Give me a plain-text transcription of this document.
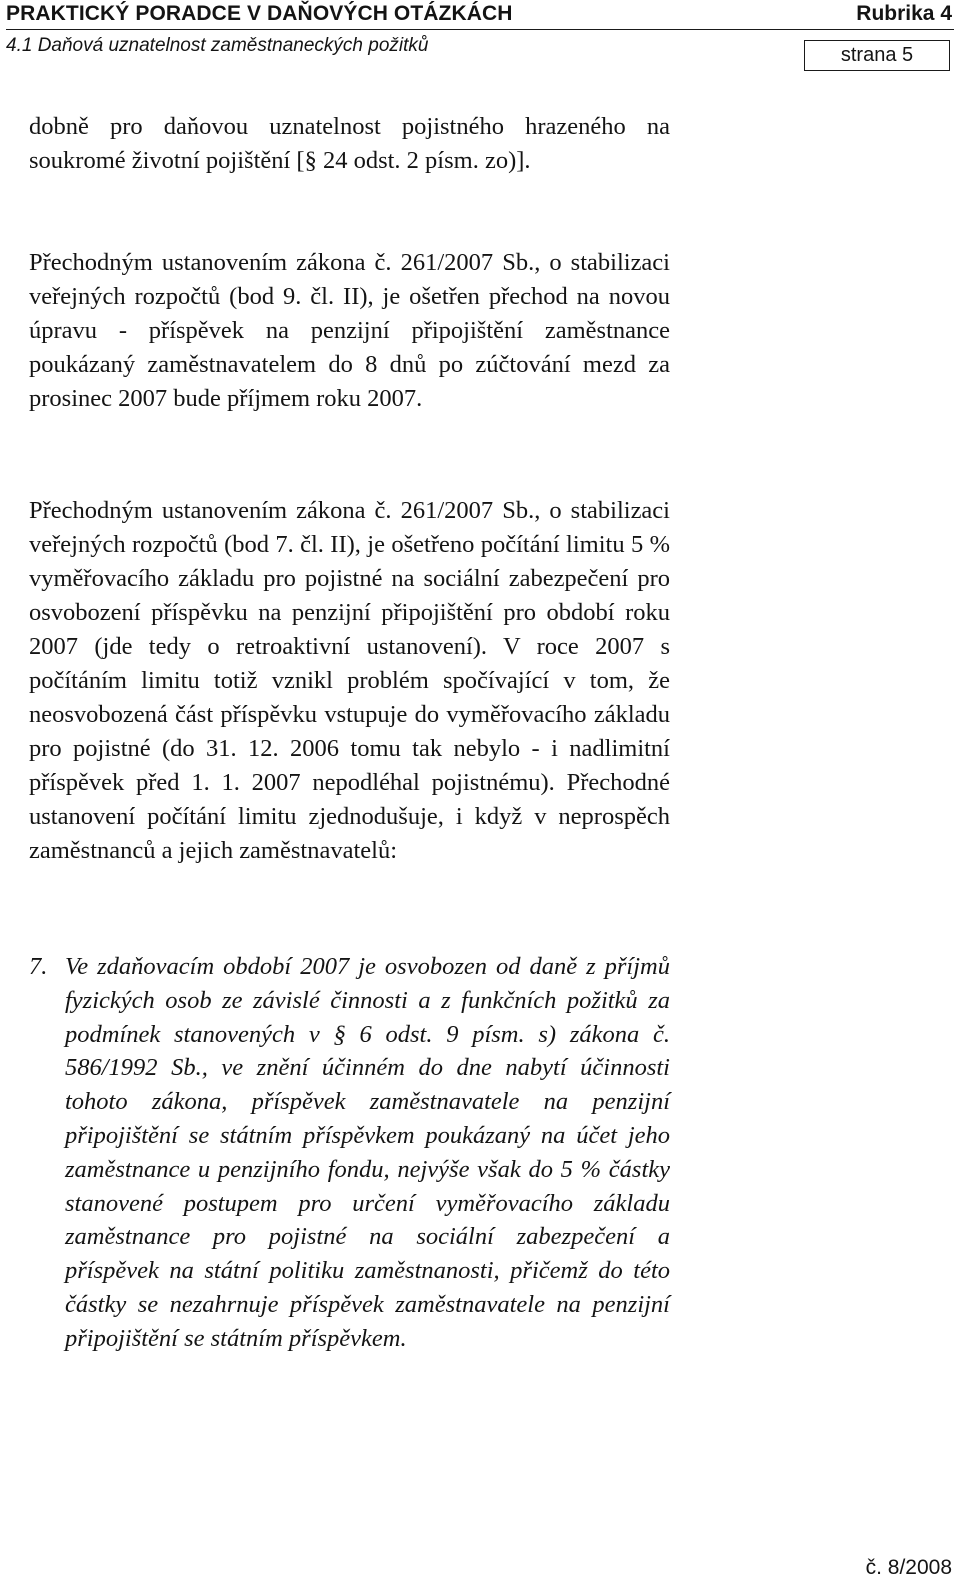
PRAKTICKÝ PORADCE V DAŇOVÝCH OTÁZKÁCH	Rubrika 4
4.1 Daňová uznatelnost zaměstnaneckých požitků	strana 5

dobně pro daňovou uznatelnost pojistného hrazeného na soukromé životní pojištění [§ 24 odst. 2 písm. zo)].

Přechodným ustanovením zákona č. 261/2007 Sb., o stabilizaci veřejných rozpočtů (bod 9. čl. II), je ošetřen přechod na novou úpravu - příspěvek na penzijní připojištění zaměstnance poukázaný zaměstnavatelem do 8 dnů po zúčtování mezd za prosinec 2007 bude příjmem roku 2007.

Přechodným ustanovením zákona č. 261/2007 Sb., o stabilizaci veřejných rozpočtů (bod 7. čl. II), je ošetřeno počítání limitu 5 % vyměřovacího základu pro pojistné na sociální zabezpečení pro osvobození příspěvku na penzijní připojištění pro období roku 2007 (jde tedy o retroaktivní ustanovení). V roce 2007 s počítáním limitu totiž vznikl problém spočívající v tom, že neosvobozená část příspěvku vstupuje do vyměřovacího základu pro pojistné (do 31. 12. 2006 tomu tak nebylo - i nadlimitní příspěvek před 1. 1. 2007 nepodléhal pojistnému). Přechodné ustanovení počítání limitu zjednodušuje, i když v neprospěch zaměstnanců a jejich zaměstnavatelů:

7. Ve zdaňovacím období 2007 je osvobozen od daně z příjmů fyzických osob ze závislé činnosti a z funkčních požitků za podmínek stanovených v § 6 odst. 9 písm. s) zákona č. 586/1992 Sb., ve znění účinném do dne nabytí účinnosti tohoto zákona, příspěvek zaměstnavatele na penzijní připojištění se státním příspěvkem poukázaný na účet jeho zaměstnance u penzijního fondu, nejvýše však do 5 % částky stanovené postupem pro určení vyměřovacího základu zaměstnance pro pojistné na sociální zabezpečení a příspěvek na státní politiku zaměstnanosti, přičemž do této částky se nezahrnuje příspěvek zaměstnavatele na penzijní připojištění se státním příspěvkem.

č. 8/2008
